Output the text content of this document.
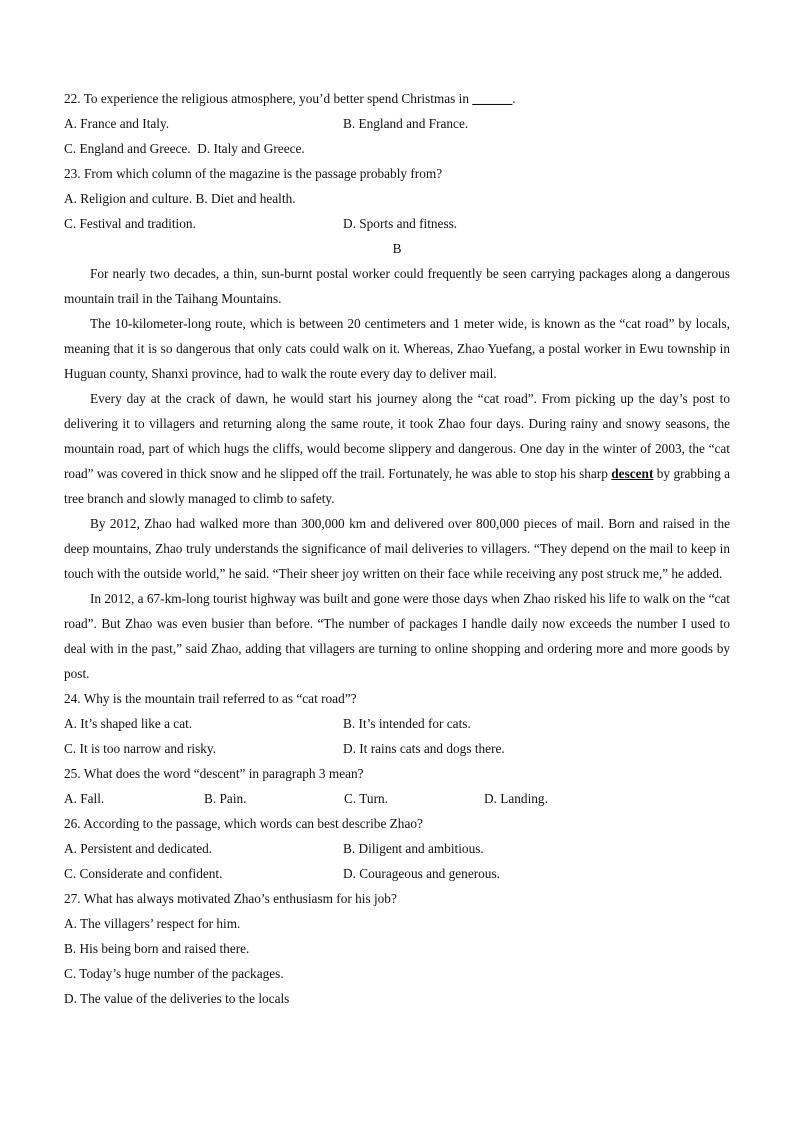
22. To experience the religious atmosphere, you’d better spend Christmas in ______.
A. France and Italy.	B. England and France.
C. England and Greece. D. Italy and Greece.
23. From which column of the magazine is the passage probably from?
A. Religion and culture. B. Diet and health.
C. Festival and tradition.	D. Sports and fitness.
B
For nearly two decades, a thin, sun-burnt postal worker could frequently be seen carrying packages along a dangerous mountain trail in the Taihang Mountains.
The 10-kilometer-long route, which is between 20 centimeters and 1 meter wide, is known as the “cat road” by locals, meaning that it is so dangerous that only cats could walk on it. Whereas, Zhao Yuefang, a postal worker in Ewu township in Huguan county, Shanxi province, had to walk the route every day to deliver mail.
Every day at the crack of dawn, he would start his journey along the “cat road”. From picking up the day’s post to delivering it to villagers and returning along the same route, it took Zhao four days. During rainy and snowy seasons, the mountain road, part of which hugs the cliffs, would become slippery and dangerous. One day in the winter of 2003, the “cat road” was covered in thick snow and he slipped off the trail. Fortunately, he was able to stop his sharp descent by grabbing a tree branch and slowly managed to climb to safety.
By 2012, Zhao had walked more than 300,000 km and delivered over 800,000 pieces of mail. Born and raised in the deep mountains, Zhao truly understands the significance of mail deliveries to villagers. “They depend on the mail to keep in touch with the outside world,” he said. “Their sheer joy written on their face while receiving any post struck me,” he added.
In 2012, a 67-km-long tourist highway was built and gone were those days when Zhao risked his life to walk on the “cat road”. But Zhao was even busier than before. “The number of packages I handle daily now exceeds the number I used to deal with in the past,” said Zhao, adding that villagers are turning to online shopping and ordering more and more goods by post.
24. Why is the mountain trail referred to as “cat road”?
A. It’s shaped like a cat.	B. It’s intended for cats.
C. It is too narrow and risky.	D. It rains cats and dogs there.
25. What does the word “descent” in paragraph 3 mean?
A. Fall.	B. Pain.	C. Turn.	D. Landing.
26. According to the passage, which words can best describe Zhao?
A. Persistent and dedicated.	B. Diligent and ambitious.
C. Considerate and confident.	D. Courageous and generous.
27. What has always motivated Zhao’s enthusiasm for his job?
A. The villagers’ respect for him.
B. His being born and raised there.
C. Today’s huge number of the packages.
D. The value of the deliveries to the locals
